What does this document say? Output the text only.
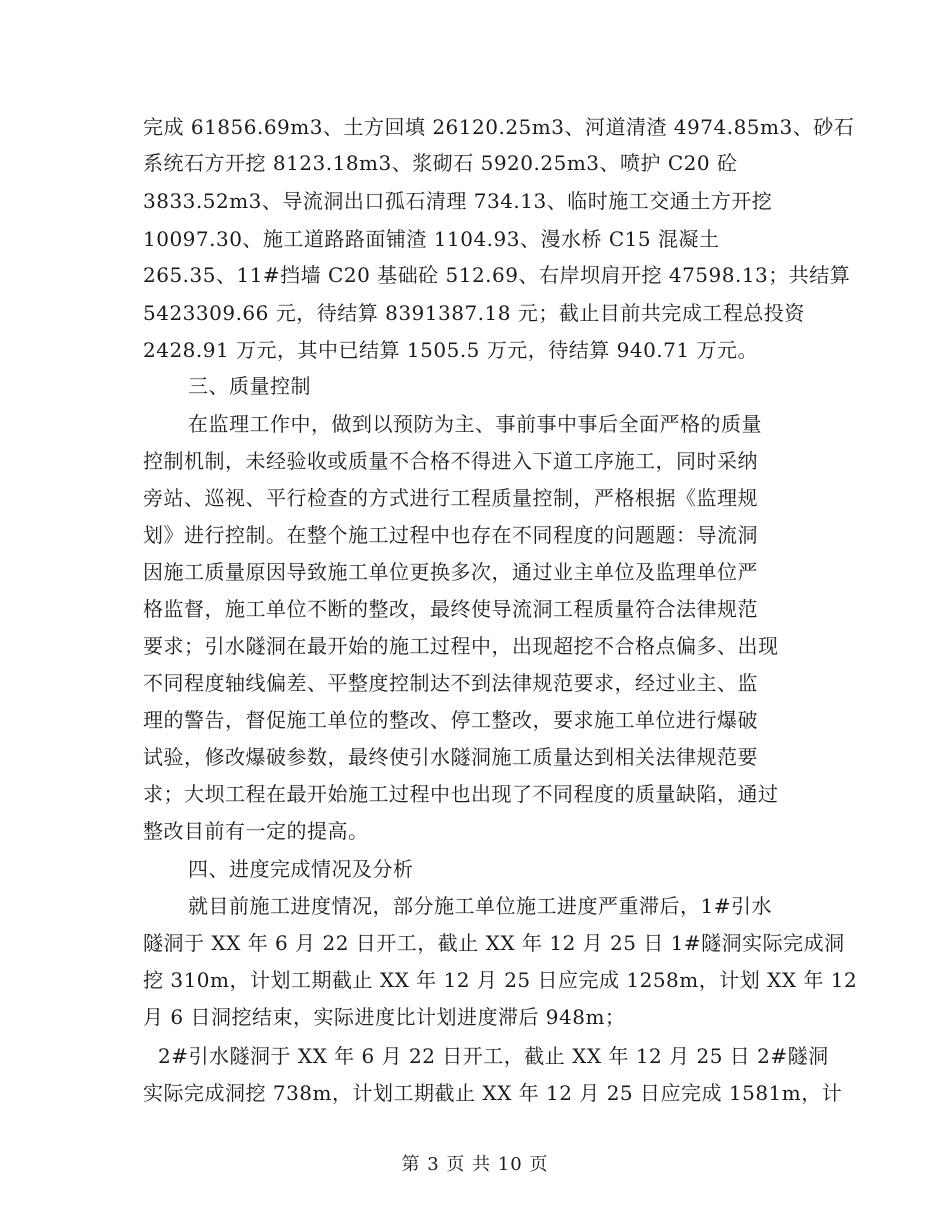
完成 61856.69m3、土方回填 26120.25m3、河道清渣 4974.85m3、砂石
系统石方开挖 8123.18m3、浆砌石 5920.25m3、喷护 C20 砼
3833.52m3、导流洞出口孤石清理 734.13、临时施工交通土方开挖
10097.30、施工道路路面铺渣 1104.93、漫水桥 C15 混凝土
265.35、11#挡墙 C20 基础砼 512.69、右岸坝肩开挖 47598.13；共结算
5423309.66 元，待结算 8391387.18 元；截止目前共完成工程总投资
2428.91 万元，其中已结算 1505.5 万元，待结算 940.71 万元。
三、质量控制
在监理工作中，做到以预防为主、事前事中事后全面严格的质量
控制机制，未经验收或质量不合格不得进入下道工序施工，同时采纳
旁站、巡视、平行检查的方式进行工程质量控制，严格根据《监理规
划》进行控制。在整个施工过程中也存在不同程度的问题题：导流洞
因施工质量原因导致施工单位更换多次，通过业主单位及监理单位严
格监督，施工单位不断的整改，最终使导流洞工程质量符合法律规范
要求；引水隧洞在最开始的施工过程中，出现超挖不合格点偏多、出现
不同程度轴线偏差、平整度控制达不到法律规范要求，经过业主、监
理的警告，督促施工单位的整改、停工整改，要求施工单位进行爆破
试验，修改爆破参数，最终使引水隧洞施工质量达到相关法律规范要
求；大坝工程在最开始施工过程中也出现了不同程度的质量缺陷，通过
整改目前有一定的提高。
四、进度完成情况及分析
就目前施工进度情况，部分施工单位施工进度严重滞后，1#引水
隧洞于 XX 年 6 月 22 日开工，截止 XX 年 12 月 25 日 1#隧洞实际完成洞
挖 310m，计划工期截止 XX 年 12 月 25 日应完成 1258m，计划 XX 年 12
月 6 日洞挖结束，实际进度比计划进度滞后 948m；
2#引水隧洞于 XX 年 6 月 22 日开工，截止 XX 年 12 月 25 日 2#隧洞
实际完成洞挖 738m，计划工期截止 XX 年 12 月 25 日应完成 1581m，计
第 3 页 共 10 页
